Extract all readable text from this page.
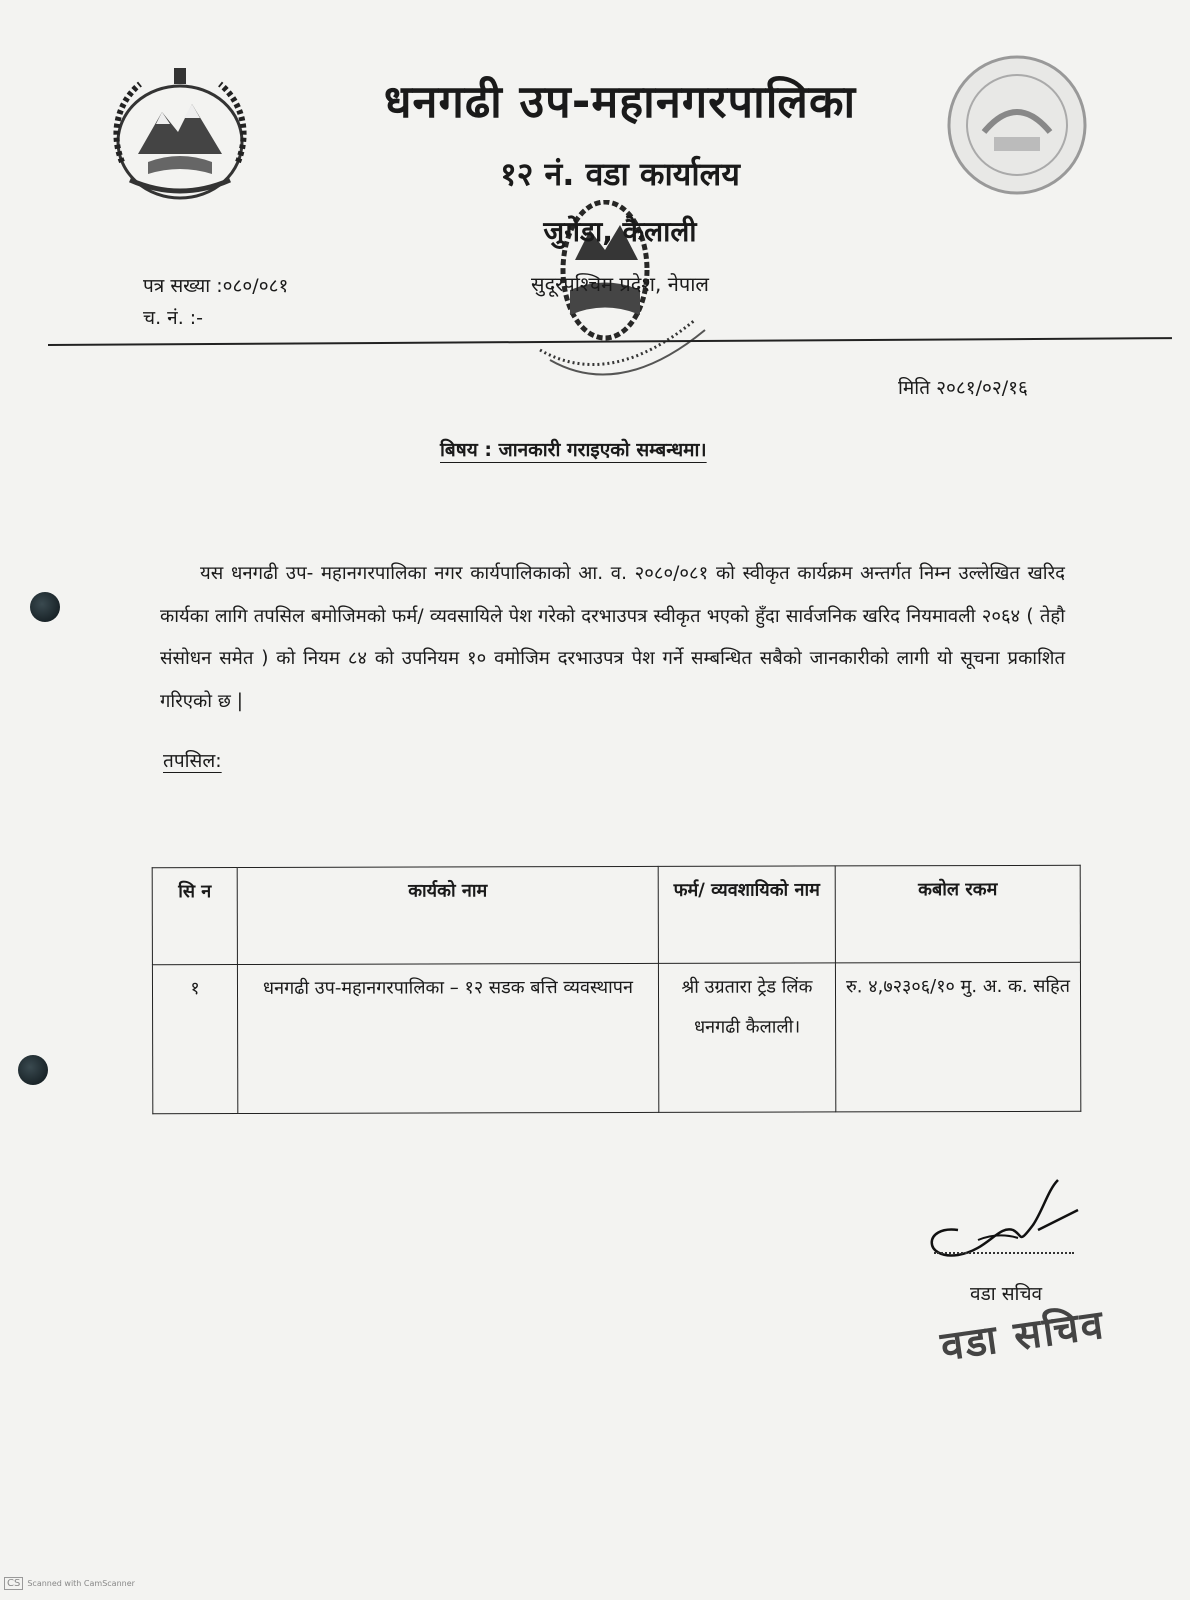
धनगढी उप-महानगरपालिका
१२ नं. वडा कार्यालय
जुगेडा, कैलाली
सुदूरपश्चिम प्रदेश, नेपाल
पत्र सख्या :०८०/०८१
च. नं. :-
मिति २०८१/०२/१६
बिषय : जानकारी गराइएको सम्बन्धमा।
यस धनगढी उप- महानगरपालिका नगर कार्यपालिकाको आ. व. २०८०/०८१ को स्वीकृत कार्यक्रम अन्तर्गत निम्न उल्लेखित खरिद कार्यका लागि तपसिल बमोजिमको फर्म/ व्यवसायिले पेश गरेको दरभाउपत्र स्वीकृत भएको हुँदा सार्वजनिक खरिद नियमावली २०६४ ( तेहौ संसोधन समेत ) को नियम ८४ को उपनियम १० वमोजिम दरभाउपत्र पेश गर्ने सम्बन्धित सबैको जानकारीको लागी यो सूचना प्रकाशित गरिएको छ |
तपसिल:
सि न	कार्यको नाम	फर्म/ व्यवशायिको नाम	कबोल रकम
१	धनगढी उप-महानगरपालिका – १२ सडक बत्ति व्यवस्थापन	श्री उग्रतारा ट्रेड लिंक धनगढी कैलाली।	रु. ४,७२३०६/१० मु. अ. क. सहित
वडा सचिव
वडा सचिव
CS Scanned with CamScanner
